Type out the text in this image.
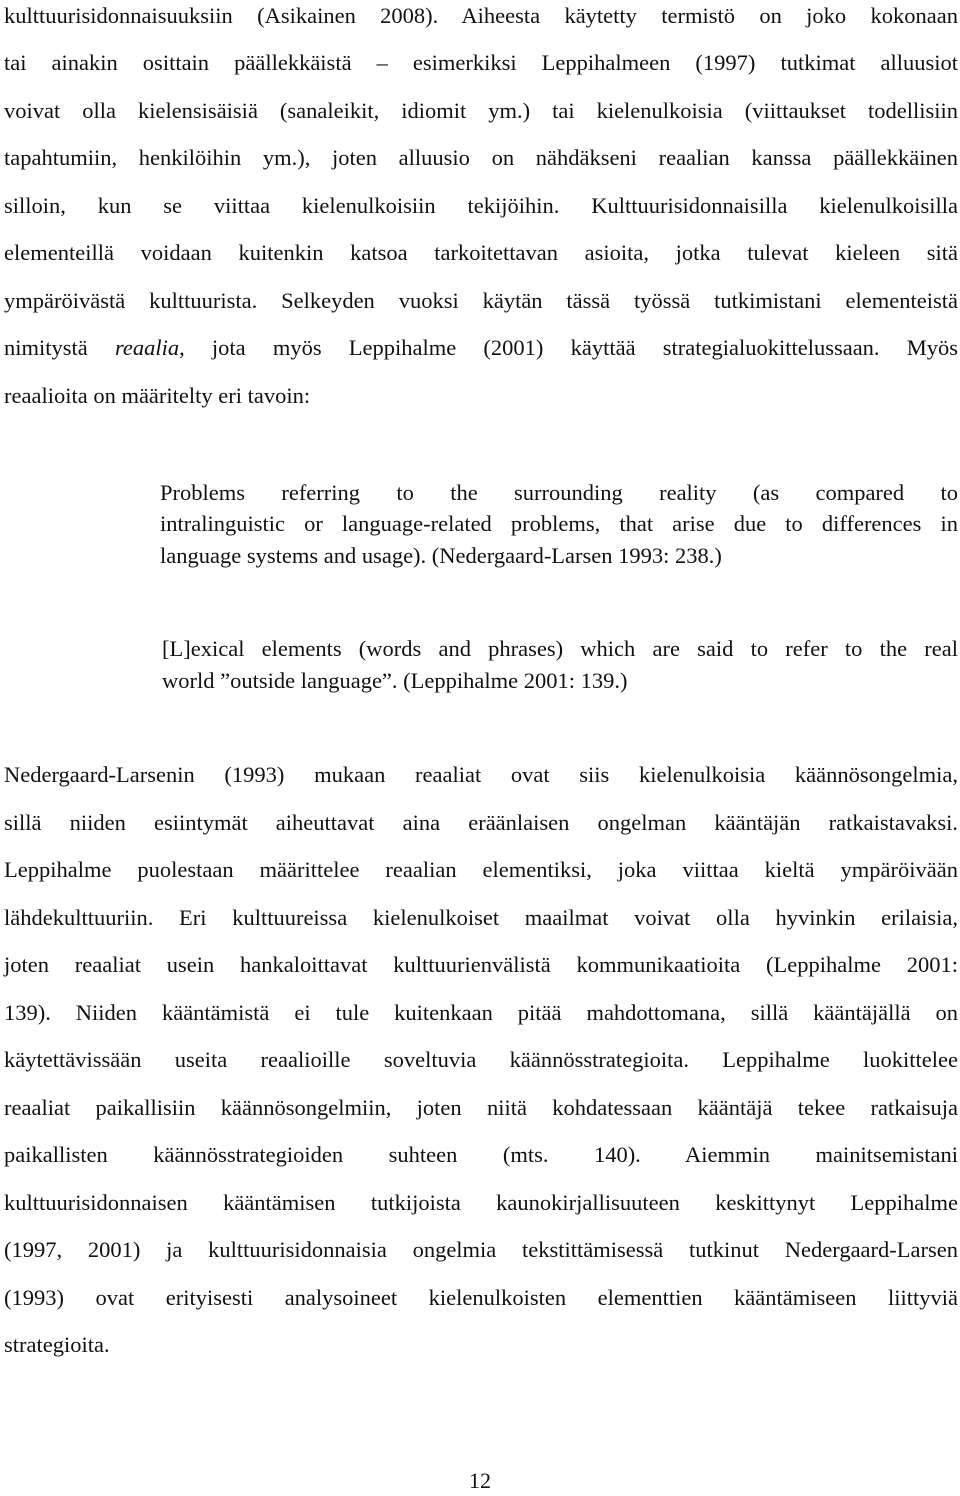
kulttuurisidonnaisuuksiin (Asikainen 2008). Aiheesta käytetty termistö on joko kokonaan
tai ainakin osittain päällekkäistä – esimerkiksi Leppihalmeen (1997) tutkimat alluusiot
voivat olla kielensisäisiä (sanaleikit, idiomit ym.) tai kielenulkoisia (viittaukset todellisiin
tapahtumiin, henkilöihin ym.), joten alluusio on nähdäkseni reaalian kanssa päällekkäinen
silloin, kun se viittaa kielenulkoisiin tekijöihin. Kulttuurisidonnaisilla kielenulkoisilla
elementeillä voidaan kuitenkin katsoa tarkoitettavan asioita, jotka tulevat kieleen sitä
ympäröivästä kulttuurista. Selkeyden vuoksi käytän tässä työssä tutkimistani elementeistä
nimitystä reaalia, jota myös Leppihalme (2001) käyttää strategialuokittelussaan. Myös
reaalioita on määritelty eri tavoin:
Problems referring to the surrounding reality (as compared to
intralinguistic or language-related problems, that arise due to differences in
language systems and usage). (Nedergaard-Larsen 1993: 238.)
[L]exical elements (words and phrases) which are said to refer to the real
world ”outside language”. (Leppihalme 2001: 139.)
Nedergaard-Larsenin (1993) mukaan reaaliat ovat siis kielenulkoisia käännösongelmia,
sillä niiden esiintymät aiheuttavat aina eräänlaisen ongelman kääntäjän ratkaistavaksi.
Leppihalme puolestaan määrittelee reaalian elementiksi, joka viittaa kieltä ympäröivään
lähdekulttuuriin. Eri kulttuureissa kielenulkoiset maailmat voivat olla hyvinkin erilaisia,
joten reaaliat usein hankaloittavat kulttuurienvälistä kommunikaatioita (Leppihalme 2001:
139). Niiden kääntämistä ei tule kuitenkaan pitää mahdottomana, sillä kääntäjällä on
käytettävissään useita reaalioille soveltuvia käännösstrategioita. Leppihalme luokittelee
reaaliat paikallisiin käännösongelmiin, joten niitä kohdatessaan kääntäjä tekee ratkaisuja
paikallisten käännösstrategioiden suhteen (mts. 140). Aiemmin mainitsemistani
kulttuurisidonnaisen kääntämisen tutkijoista kaunokirjallisuuteen keskittynyt Leppihalme
(1997, 2001) ja kulttuurisidonnaisia ongelmia tekstittämisessä tutkinut Nedergaard-Larsen
(1993) ovat erityisesti analysoineet kielenulkoisten elementtien kääntämiseen liittyviä
strategioita.
12
